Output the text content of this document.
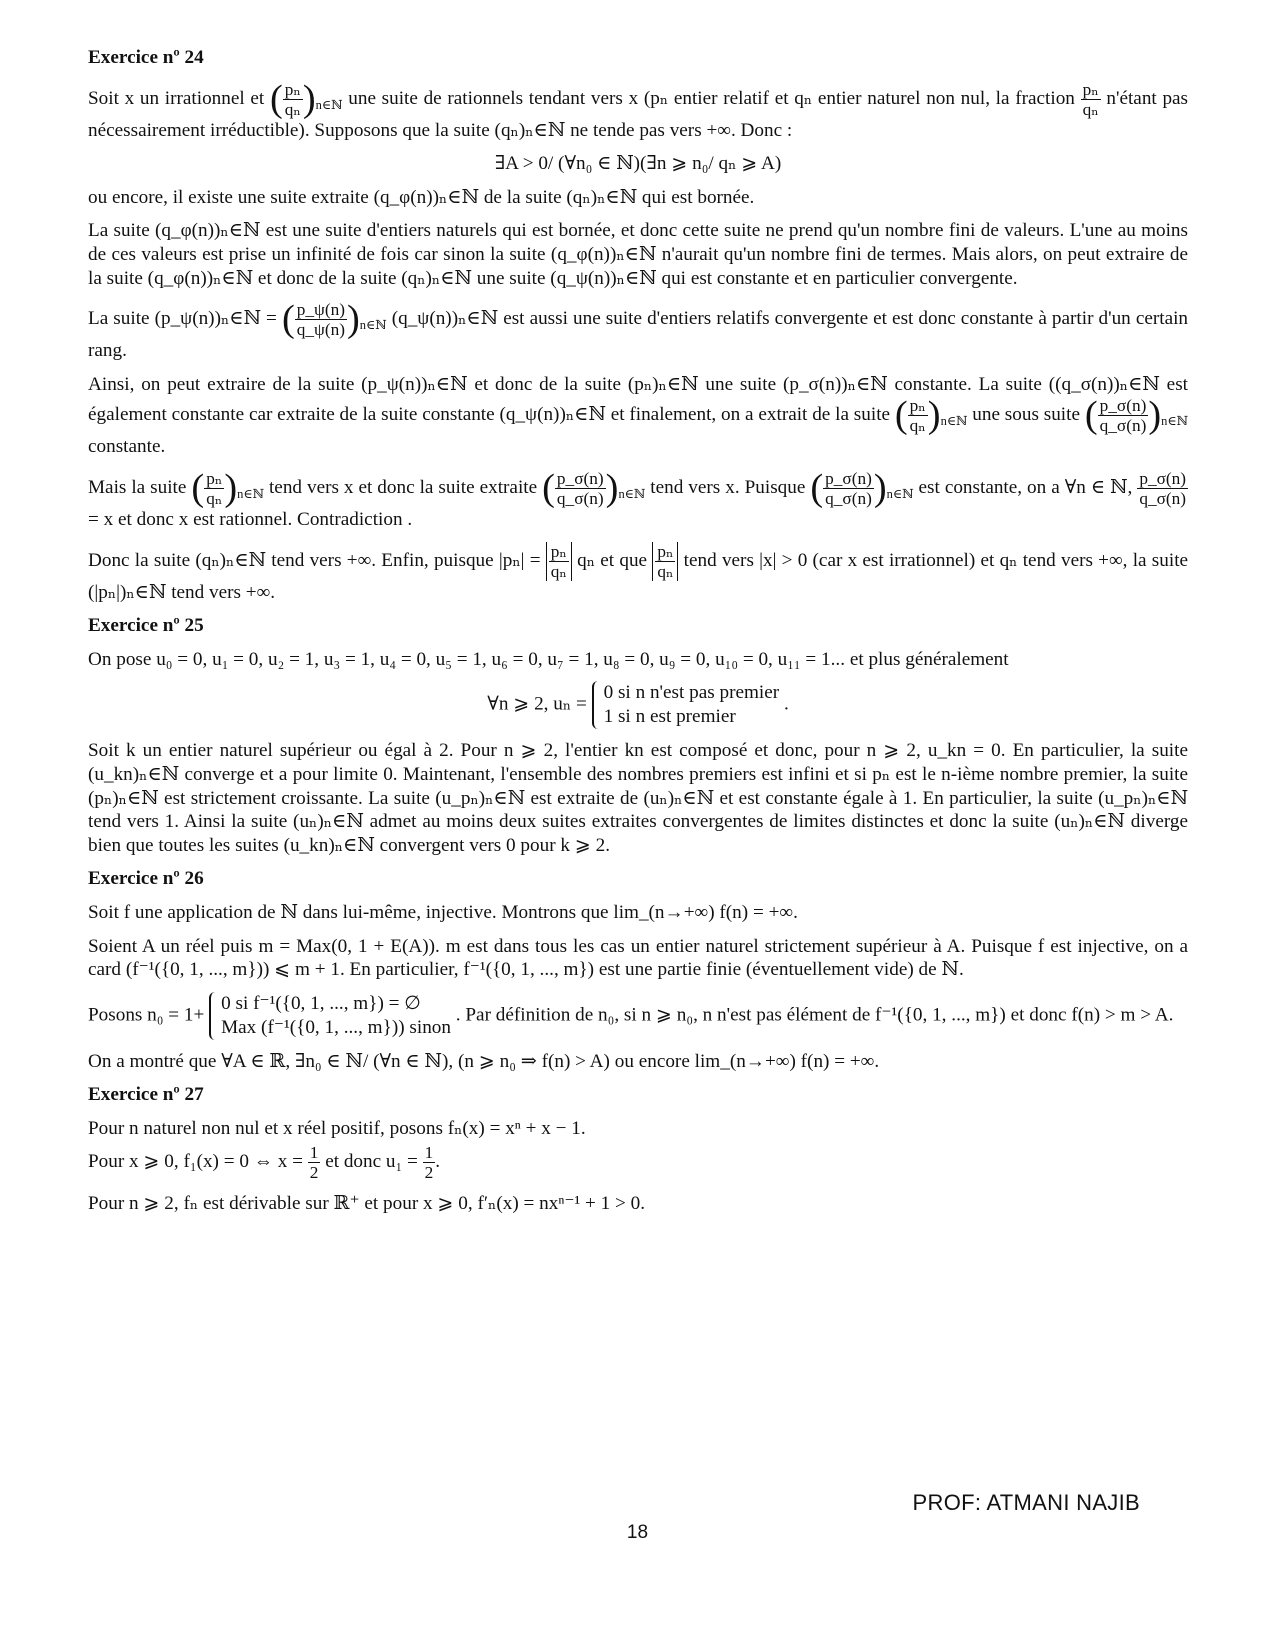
Exercice nº 24

Soit x un irrationnel et ( $\frac{\text{pₙ}}{\text{qₙ}} )_{n\in ℕ}$ une suite de rationnels tendant vers x (pₙ entier relatif et qₙ entier naturel non nul, la fraction $\frac{\text{pₙ}}{\text{qₙ}}$ n'étant pas nécessairement irréductible). Supposons que la suite (qₙ)ₙ∈ℕ ne tende pas vers +∞. Donc :

∃A > 0/ (∀n₀ ∈ ℕ)(∃n ⩾ n₀/ qₙ ⩾ A)

ou encore, il existe une suite extraite (q_φ(n))ₙ∈ℕ de la suite (qₙ)ₙ∈ℕ qui est bornée.

La suite (q_φ(n))ₙ∈ℕ est une suite d'entiers naturels qui est bornée, et donc cette suite ne prend qu'un nombre fini de valeurs. L'une au moins de ces valeurs est prise un infinité de fois car sinon la suite (q_φ(n))ₙ∈ℕ n'aurait qu'un nombre fini de termes. Mais alors, on peut extraire de la suite (q_φ(n))ₙ∈ℕ et donc de la suite (qₙ)ₙ∈ℕ une suite (q_ψ(n))ₙ∈ℕ qui est constante et en particulier convergente.

La suite (p_ψ(n))ₙ∈ℕ = ( $\frac{p\_\psi(n)}{q\_\psi(n)} )_{n\in ℕ}$ (q_ψ(n))ₙ∈ℕ est aussi une suite d'entiers relatifs convergente et est donc constante à partir d'un certain rang.

Ainsi, on peut extraire de la suite (p_ψ(n))ₙ∈ℕ et donc de la suite (pₙ)ₙ∈ℕ une suite (p_σ(n))ₙ∈ℕ constante. La suite ((q_σ(n))ₙ∈ℕ est également constante car extraite de la suite constante (q_ψ(n))ₙ∈ℕ et finalement, on a extrait de la suite ( $\frac{\text{pₙ}}{\text{qₙ}} )_{n\in ℕ}$ une sous suite ( $\frac{p\_\sigma(n)}{q\_\sigma(n)} )_{n\in ℕ}$ constante.

Mais la suite ( $\frac{\text{pₙ}}{\text{qₙ}} )_{n\in ℕ}$ tend vers x et donc la suite extraite ( $\frac{p\_\sigma(n)}{q\_\sigma(n)} )_{n\in ℕ}$ tend vers x. Puisque ( $\frac{p\_\sigma(n)}{q\_\sigma(n)} )_{n\in ℕ}$ est constante, on a ∀n ∈ ℕ, $\frac{p\_\sigma(n)}{q\_\sigma(n)}$
= x et donc x est rationnel. Contradiction .

Donc la suite (qₙ)ₙ∈ℕ tend vers +∞. Enfin, puisque $|p_n| = \frac{\text{pₙ}}{\text{qₙ}}$ qₙ et que $\frac{\text{pₙ}}{\text{qₙ}}$ tend vers |x| > 0 (car x est irrationnel) et qₙ tend vers +∞, la suite (|pₙ|)ₙ∈ℕ tend vers +∞.

Exercice nº 25

On pose u₀ = 0, u₁ = 0, u₂ = 1, u₃ = 1, u₄ = 0, u₅ = 1, u₆ = 0, u₇ = 1, u₈ = 0, u₉ = 0, u₁₀ = 0, u₁₁ = 1... et plus généralement

∀n ⩾ 2, uₙ =
0 si n n'est pas premier
1 si n est premier
.

Soit k un entier naturel supérieur ou égal à 2. Pour n ⩾ 2, l'entier kn est composé et donc, pour n ⩾ 2, u_kn = 0. En particulier, la suite (u_kn)ₙ∈ℕ converge et a pour limite 0. Maintenant, l'ensemble des nombres premiers est infini et si pₙ est le n-ième nombre premier, la suite (pₙ)ₙ∈ℕ est strictement croissante. La suite (u_pₙ)ₙ∈ℕ est extraite de (uₙ)ₙ∈ℕ et est constante égale à 1. En particulier, la suite (u_pₙ)ₙ∈ℕ tend vers 1. Ainsi la suite (uₙ)ₙ∈ℕ admet au moins deux suites extraites convergentes de limites distinctes et donc la suite (uₙ)ₙ∈ℕ diverge bien que toutes les suites (u_kn)ₙ∈ℕ convergent vers 0 pour k ⩾ 2.

Exercice nº 26

Soit f une application de ℕ dans lui-même, injective. Montrons que lim_(n→+∞) f(n) = +∞.

Soient A un réel puis m = Max(0, 1 + E(A)). m est dans tous les cas un entier naturel strictement supérieur à A. Puisque f est injective, on a card (f⁻¹({0, 1, ..., m})) ⩽ m + 1. En particulier, f⁻¹({0, 1, ..., m}) est une partie finie (éventuellement vide) de ℕ.

Posons n₀ = 1+
0 si f⁻¹({0, 1, ..., m}) = ∅
Max (f⁻¹({0, 1, ..., m})) sinon
. Par définition de n₀, si n ⩾ n₀, n n'est pas élément de f⁻¹({0, 1, ..., m}) et donc f(n) > m > A.

On a montré que ∀A ∈ ℝ, ∃n₀ ∈ ℕ/ (∀n ∈ ℕ), (n ⩾ n₀ ⇒ f(n) > A) ou encore lim_(n→+∞) f(n) = +∞.

Exercice nº 27

Pour n naturel non nul et x réel positif, posons fₙ(x) = xⁿ + x − 1.

Pour x ⩾ 0, f₁(x) = 0 ⇔ $x = \frac{1}{2}$ et donc $u_1 = \frac{1}{2}$ .

Pour n ⩾ 2, fₙ est dérivable sur ℝ⁺ et pour x ⩾ 0, f′ₙ(x) = nxⁿ⁻¹ + 1 > 0.

PROF: ATMANI NAJIB
18
